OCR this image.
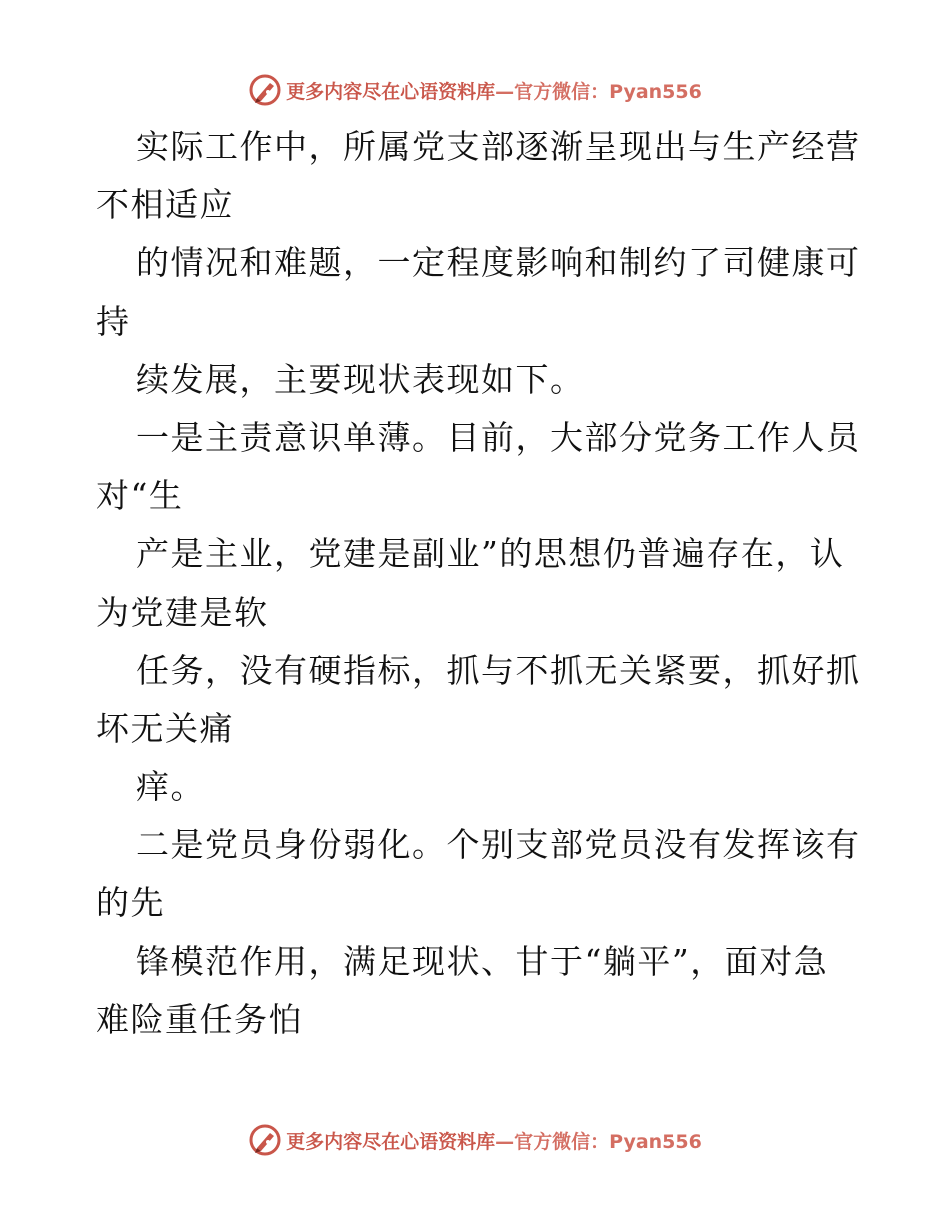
更多内容尽在心语资料库—官方微信：Pyan556
实际工作中，所属党支部逐渐呈现出与生产经营
不相适应
的情况和难题，一定程度影响和制约了司健康可
持
续发展，主要现状表现如下。
一是主责意识单薄。目前，大部分党务工作人员
对“生
产是主业，党建是副业”的思想仍普遍存在，认
为党建是软
任务，没有硬指标，抓与不抓无关紧要，抓好抓
坏无关痛
痒。
二是党员身份弱化。个别支部党员没有发挥该有
的先
锋模范作用，满足现状、甘于“躺平”，面对急
难险重任务怕
更多内容尽在心语资料库—官方微信：Pyan556
